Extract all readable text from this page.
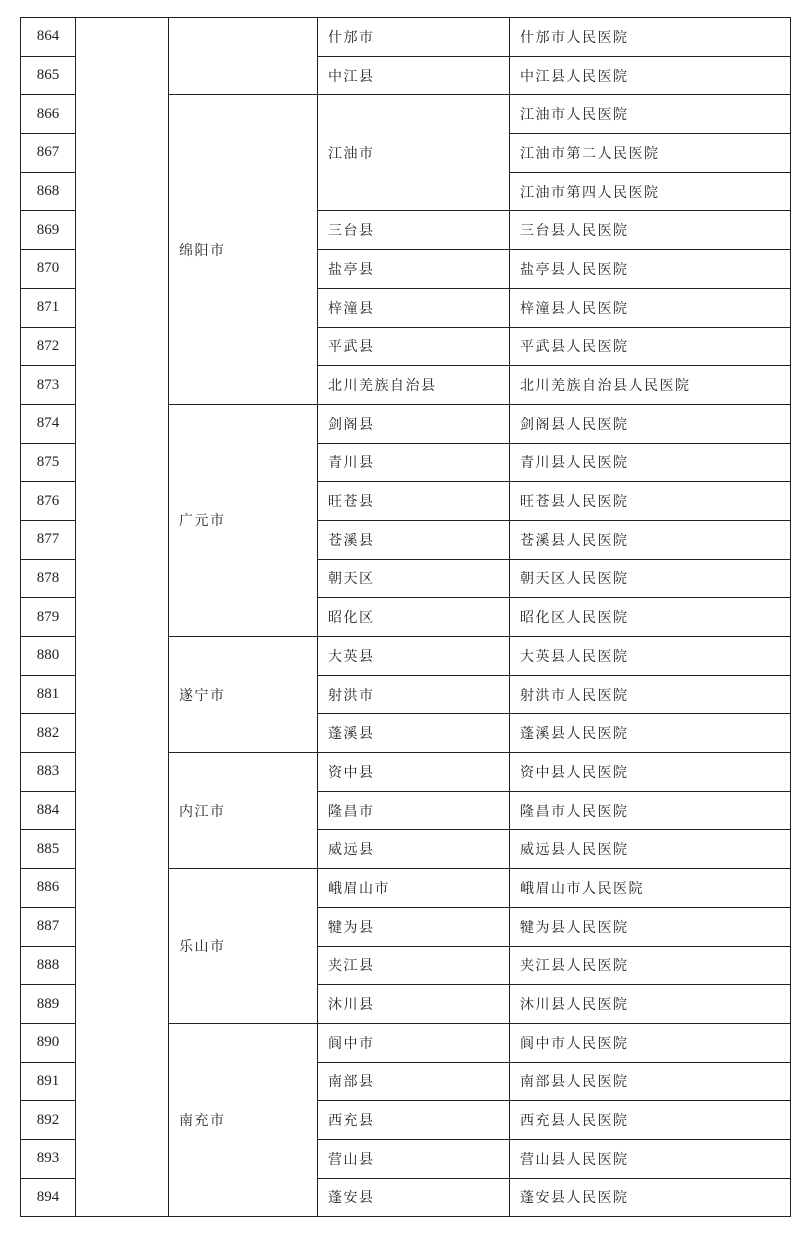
864			什邡市	什邡市人民医院
865			中江县	中江县人民医院
866		绵阳市	江油市	江油市人民医院
867				江油市第二人民医院
868				江油市第四人民医院
869			三台县	三台县人民医院
870			盐亭县	盐亭县人民医院
871			梓潼县	梓潼县人民医院
872			平武县	平武县人民医院
873			北川羌族自治县	北川羌族自治县人民医院
874		广元市	剑阁县	剑阁县人民医院
875			青川县	青川县人民医院
876			旺苍县	旺苍县人民医院
877			苍溪县	苍溪县人民医院
878			朝天区	朝天区人民医院
879			昭化区	昭化区人民医院
880		遂宁市	大英县	大英县人民医院
881			射洪市	射洪市人民医院
882			蓬溪县	蓬溪县人民医院
883		内江市	资中县	资中县人民医院
884			隆昌市	隆昌市人民医院
885			威远县	威远县人民医院
886		乐山市	峨眉山市	峨眉山市人民医院
887			犍为县	犍为县人民医院
888			夹江县	夹江县人民医院
889			沐川县	沐川县人民医院
890		南充市	阆中市	阆中市人民医院
891			南部县	南部县人民医院
892			西充县	西充县人民医院
893			营山县	营山县人民医院
894			蓬安县	蓬安县人民医院
